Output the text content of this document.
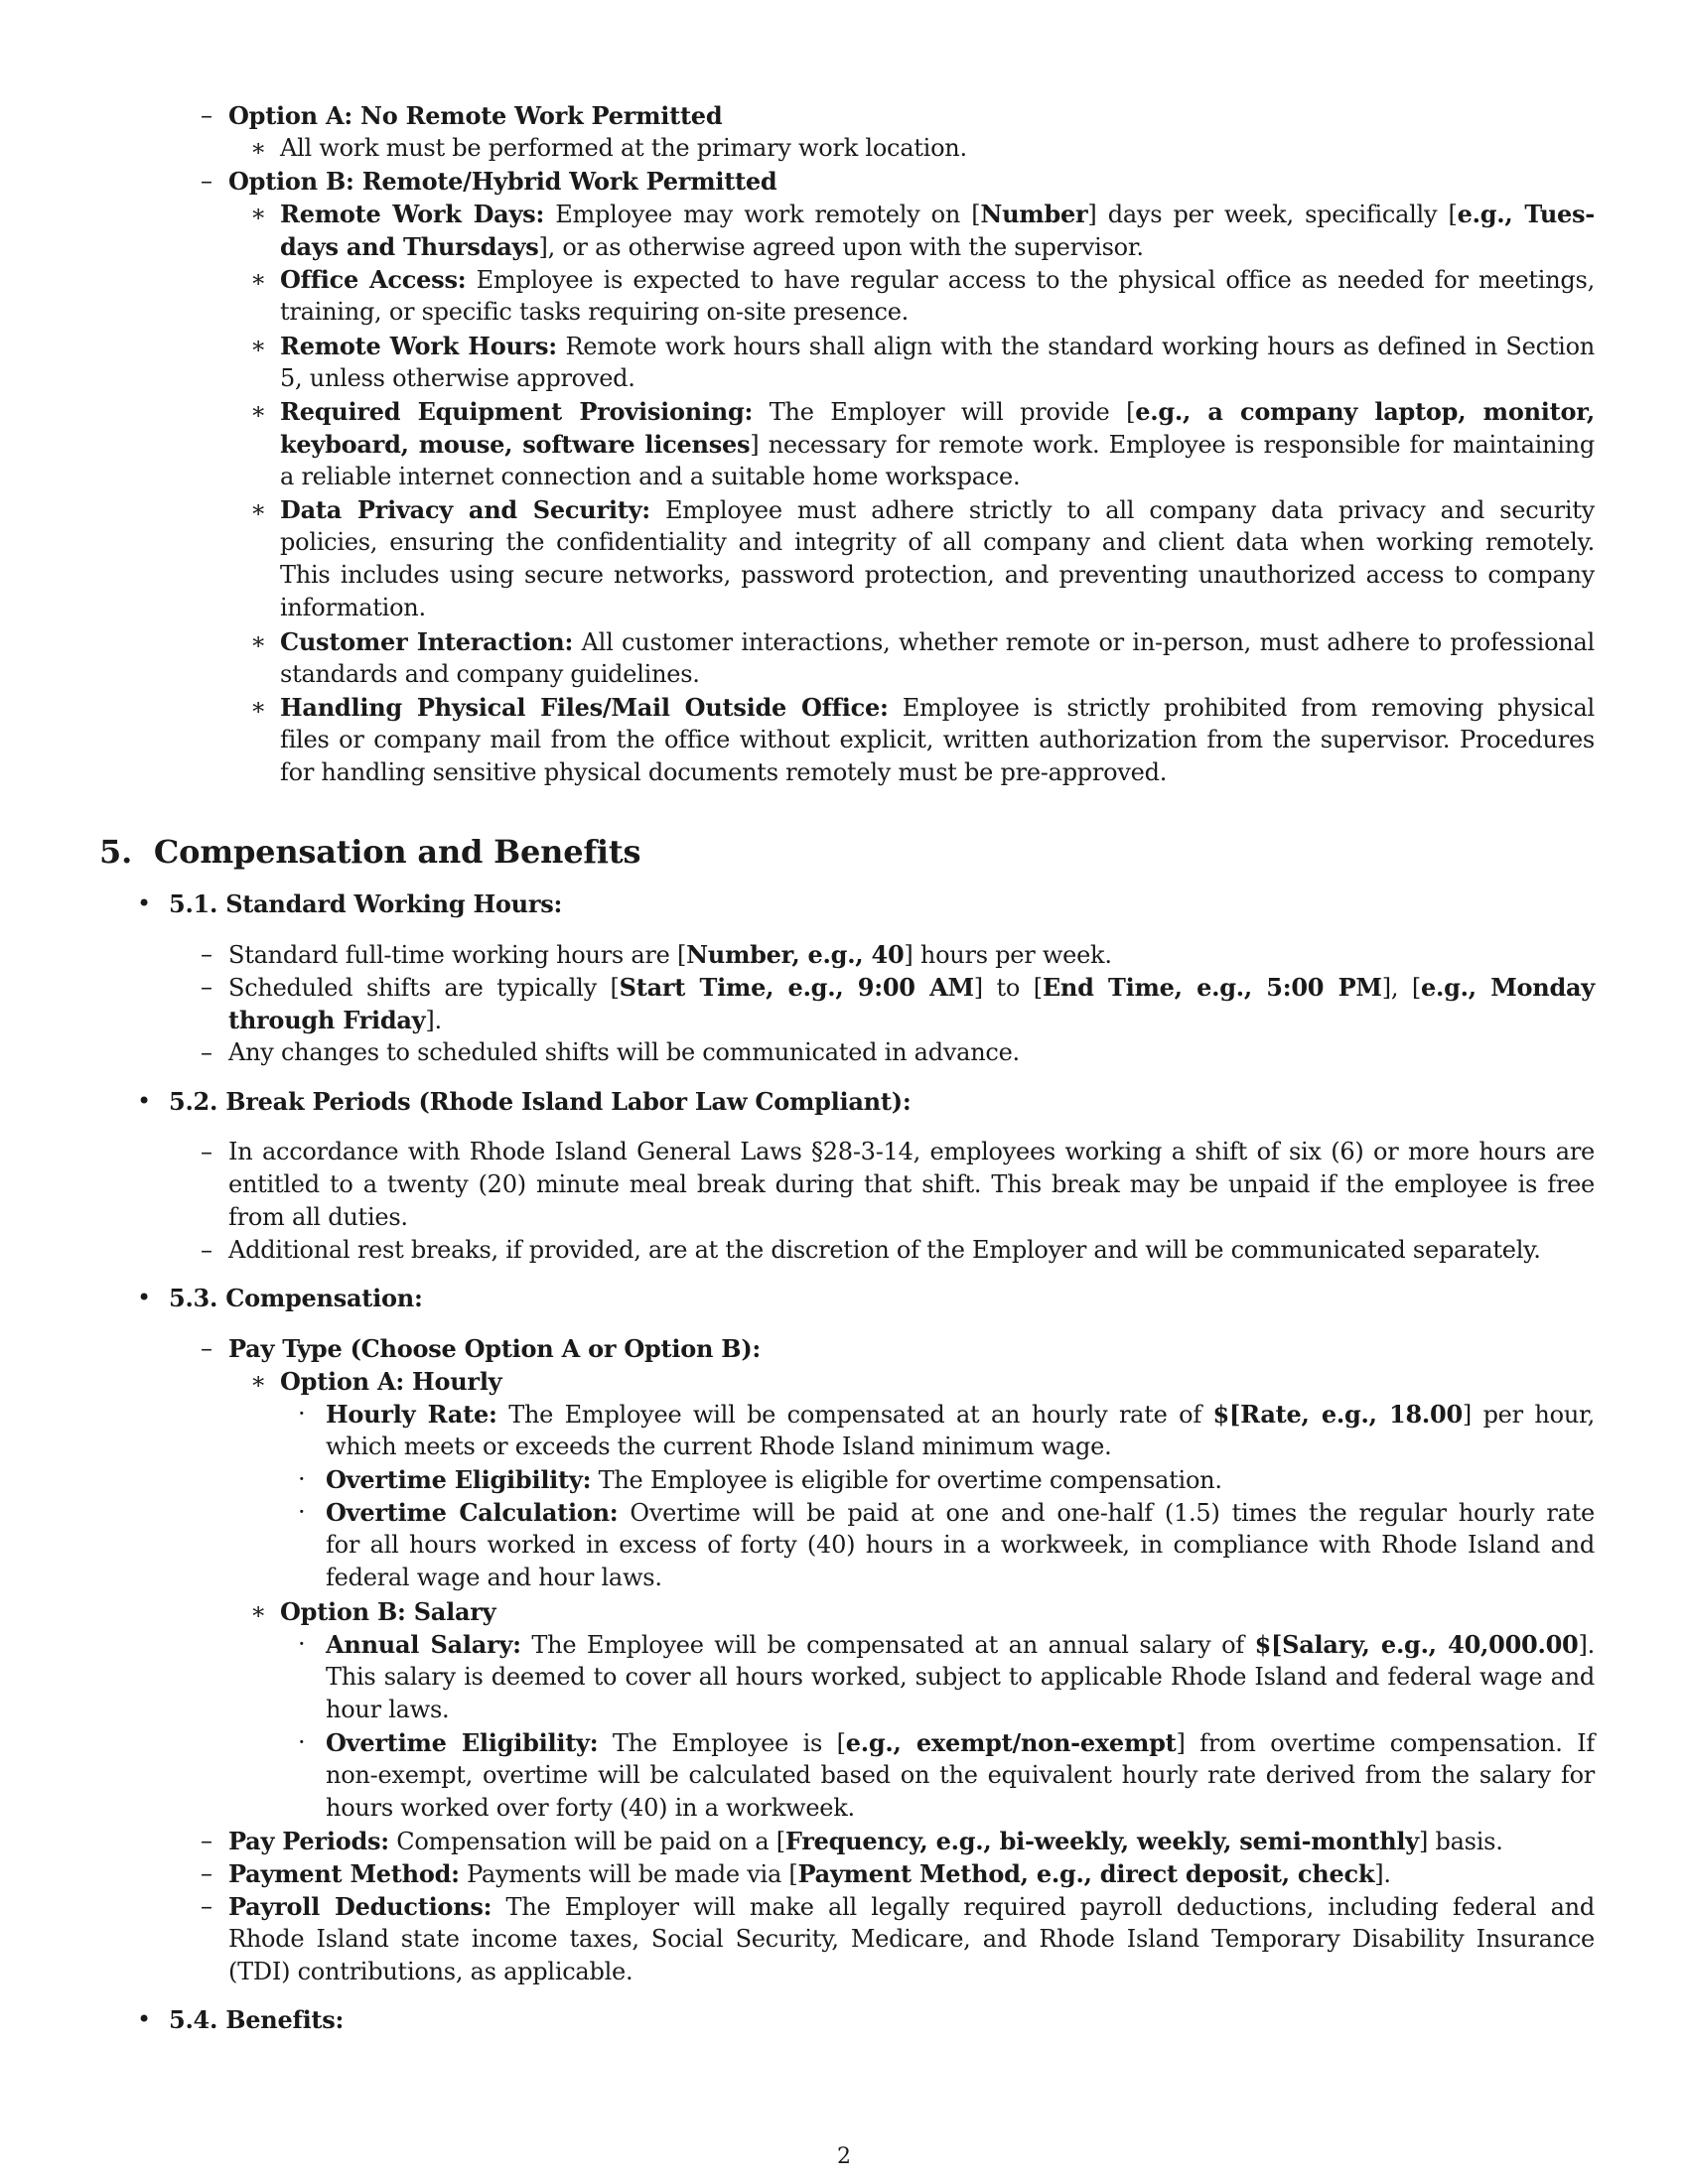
– Option A: No Remote Work Permitted
∗ All work must be performed at the primary work location.
– Option B: Remote/Hybrid Work Permitted
∗ Remote Work Days: Employee may work remotely on [Number] days per week, specifically [e.g., Tues-
days and Thursdays], or as otherwise agreed upon with the supervisor.
∗ Office Access: Employee is expected to have regular access to the physical office as needed for meetings,
training, or specific tasks requiring on-site presence.
∗ Remote Work Hours: Remote work hours shall align with the standard working hours as defined in Section
5, unless otherwise approved.
∗ Required Equipment Provisioning: The Employer will provide [e.g., a company laptop, monitor,
keyboard, mouse, software licenses] necessary for remote work. Employee is responsible for maintaining
a reliable internet connection and a suitable home workspace.
∗ Data Privacy and Security: Employee must adhere strictly to all company data privacy and security
policies, ensuring the confidentiality and integrity of all company and client data when working remotely.
This includes using secure networks, password protection, and preventing unauthorized access to company
information.
∗ Customer Interaction: All customer interactions, whether remote or in-person, must adhere to professional
standards and company guidelines.
∗ Handling Physical Files/Mail Outside Office: Employee is strictly prohibited from removing physical
files or company mail from the office without explicit, written authorization from the supervisor. Procedures
for handling sensitive physical documents remotely must be pre-approved.
5. Compensation and Benefits
• 5.1. Standard Working Hours:
– Standard full-time working hours are [Number, e.g., 40] hours per week.
– Scheduled shifts are typically [Start Time, e.g., 9:00 AM] to [End Time, e.g., 5:00 PM], [e.g., Monday
through Friday].
– Any changes to scheduled shifts will be communicated in advance.
• 5.2. Break Periods (Rhode Island Labor Law Compliant):
– In accordance with Rhode Island General Laws §28-3-14, employees working a shift of six (6) or more hours are
entitled to a twenty (20) minute meal break during that shift. This break may be unpaid if the employee is free
from all duties.
– Additional rest breaks, if provided, are at the discretion of the Employer and will be communicated separately.
• 5.3. Compensation:
– Pay Type (Choose Option A or Option B):
∗ Option A: Hourly
· Hourly Rate: The Employee will be compensated at an hourly rate of $[Rate, e.g., 18.00] per hour,
which meets or exceeds the current Rhode Island minimum wage.
· Overtime Eligibility: The Employee is eligible for overtime compensation.
· Overtime Calculation: Overtime will be paid at one and one-half (1.5) times the regular hourly rate
for all hours worked in excess of forty (40) hours in a workweek, in compliance with Rhode Island and
federal wage and hour laws.
∗ Option B: Salary
· Annual Salary: The Employee will be compensated at an annual salary of $[Salary, e.g., 40,000.00].
This salary is deemed to cover all hours worked, subject to applicable Rhode Island and federal wage and
hour laws.
· Overtime Eligibility: The Employee is [e.g., exempt/non-exempt] from overtime compensation. If
non-exempt, overtime will be calculated based on the equivalent hourly rate derived from the salary for
hours worked over forty (40) in a workweek.
– Pay Periods: Compensation will be paid on a [Frequency, e.g., bi-weekly, weekly, semi-monthly] basis.
– Payment Method: Payments will be made via [Payment Method, e.g., direct deposit, check].
– Payroll Deductions: The Employer will make all legally required payroll deductions, including federal and
Rhode Island state income taxes, Social Security, Medicare, and Rhode Island Temporary Disability Insurance
(TDI) contributions, as applicable.
• 5.4. Benefits:
2
